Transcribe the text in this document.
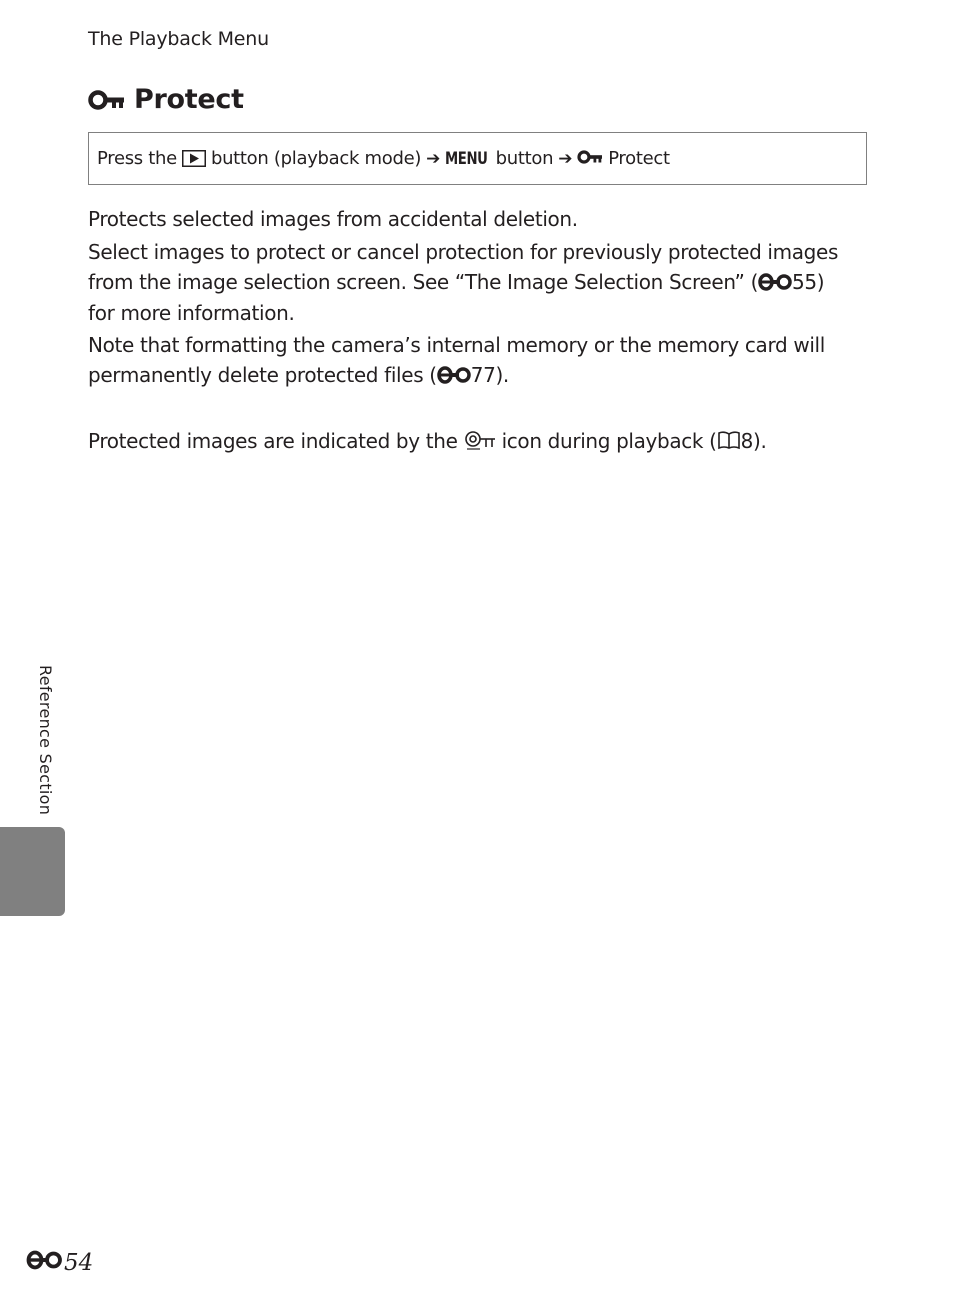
The Playback Menu
Protect
Press the button (playback mode) ➔ MENU button ➔ Protect

Protects selected images from accidental deletion.

Select images to protect or cancel protection for previously protected images from the image selection screen. See “The Image Selection Screen” ( 55) for more information.

Note that formatting the camera’s internal memory or the memory card will permanently delete protected files ( 77).

Protected images are indicated by the icon during playback ( 8).

Reference Section
54
